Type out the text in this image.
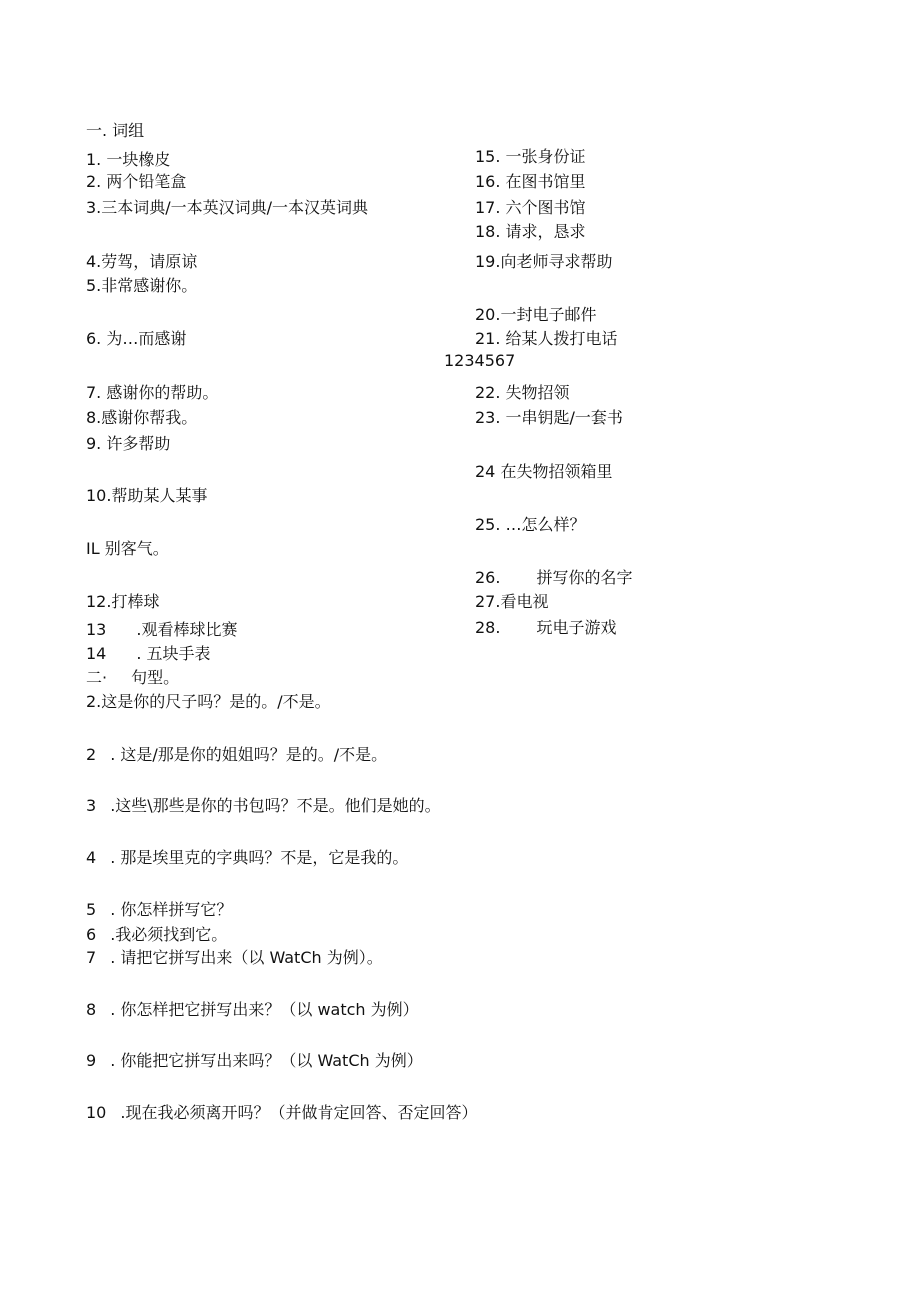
一. 词组
1. 一块橡皮
2. 两个铅笔盒
3.三本词典/一本英汉词典/一本汉英词典
4.劳驾，请原谅
5.非常感谢你。
6. 为…而感谢
7. 感谢你的帮助。
8.感谢你帮我。
9. 许多帮助
10.帮助某人某事
IL 别客气。
12.打棒球
13 .观看棒球比赛
14 . 五块手表
15. 一张身份证
16. 在图书馆里
17. 六个图书馆
18. 请求，恳求
19.向老师寻求帮助
20.一封电子邮件
21. 给某人拨打电话
1234567
22. 失物招领
23. 一串钥匙/一套书
24 在失物招领箱里
25. …怎么样？
26. 拼写你的名字
27.看电视
28. 玩电子游戏
二· 句型。
2.这是你的尺子吗？是的。/不是。
2 . 这是/那是你的姐姐吗？是的。/不是。
3 .这些\那些是你的书包吗？不是。他们是她的。
4 . 那是埃里克的字典吗？不是，它是我的。
5 . 你怎样拼写它？
6 .我必须找到它。
7 . 请把它拼写出来（以 WatCh 为例）。
8 . 你怎样把它拼写出来？（以 watch 为例）
9 . 你能把它拼写出来吗？（以 WatCh 为例）
10 .现在我必须离开吗？（并做肯定回答、否定回答）
